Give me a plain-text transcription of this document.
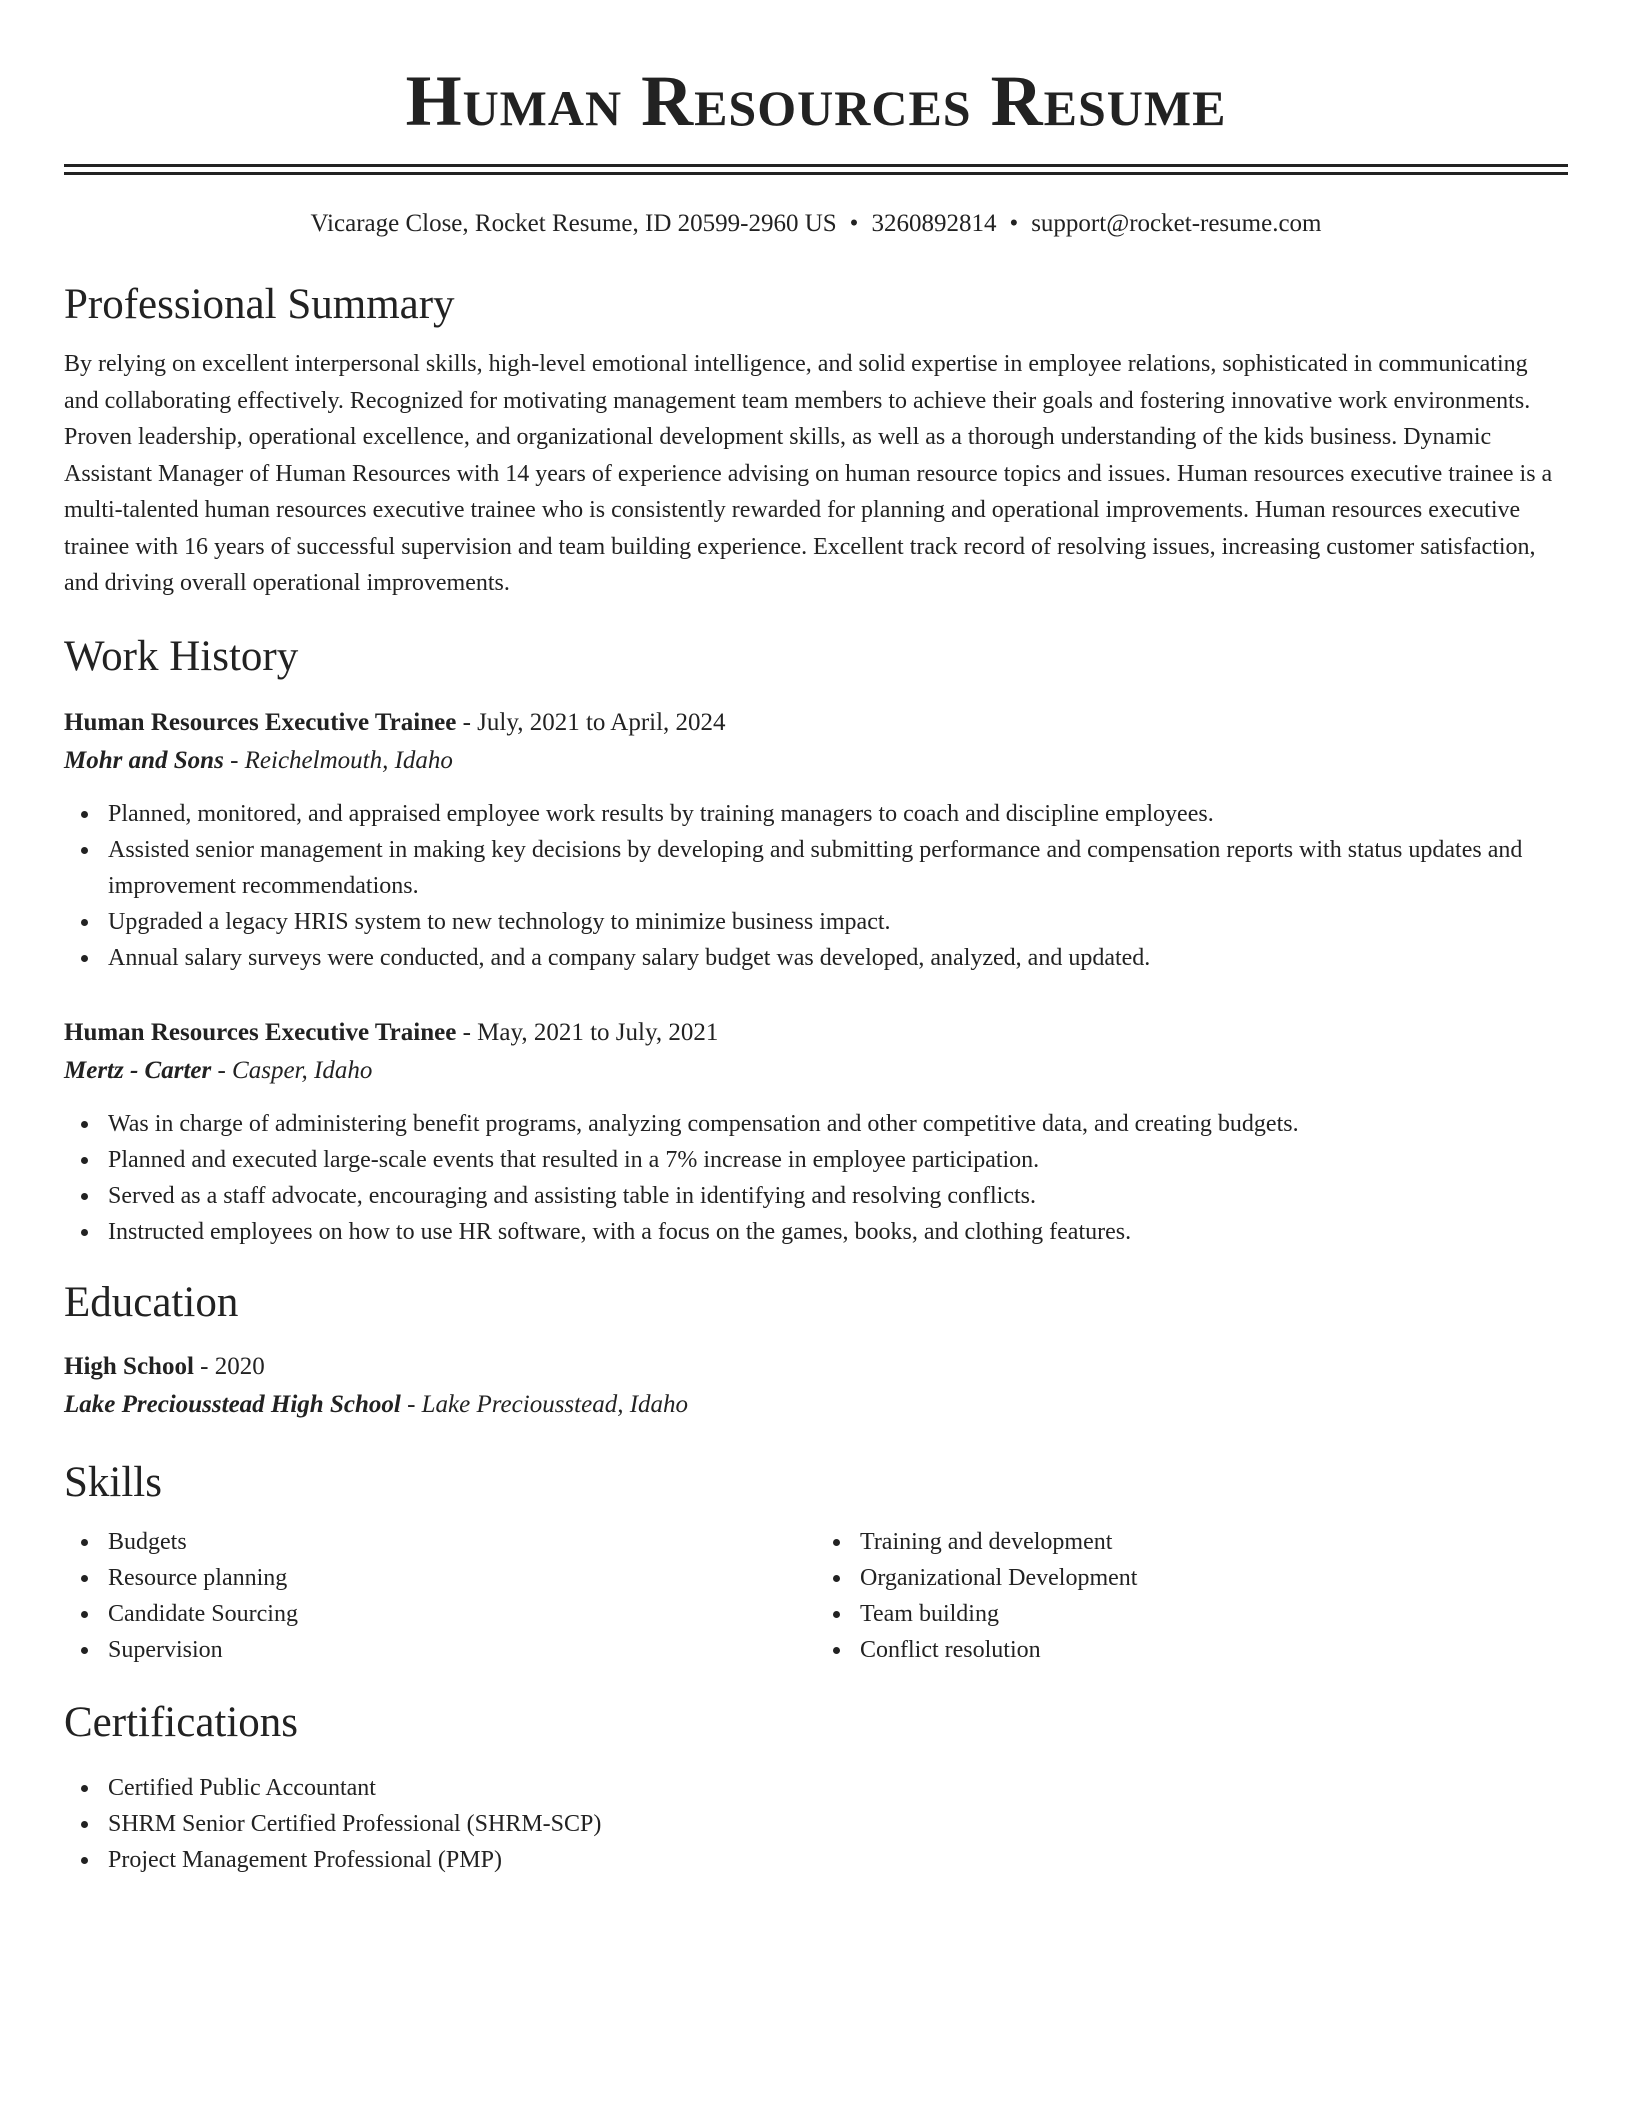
Human Resources Resume
Vicarage Close, Rocket Resume, ID 20599-2960 US • 3260892814 • support@rocket-resume.com
Professional Summary

By relying on excellent interpersonal skills, high-level emotional intelligence, and solid expertise in employee relations, sophisticated in communicating and collaborating effectively. Recognized for motivating management team members to achieve their goals and fostering innovative work environments. Proven leadership, operational excellence, and organizational development skills, as well as a thorough understanding of the kids business. Dynamic Assistant Manager of Human Resources with 14 years of experience advising on human resource topics and issues. Human resources executive trainee is a multi-talented human resources executive trainee who is consistently rewarded for planning and operational improvements. Human resources executive trainee with 16 years of successful supervision and team building experience. Excellent track record of resolving issues, increasing customer satisfaction, and driving overall operational improvements.

Work History
Human Resources Executive Trainee - July, 2021 to April, 2024
Mohr and Sons - Reichelmouth, Idaho
Planned, monitored, and appraised employee work results by training managers to coach and discipline employees.
Assisted senior management in making key decisions by developing and submitting performance and compensation reports with status updates and improvement recommendations.
Upgraded a legacy HRIS system to new technology to minimize business impact.
Annual salary surveys were conducted, and a company salary budget was developed, analyzed, and updated.
Human Resources Executive Trainee - May, 2021 to July, 2021
Mertz - Carter - Casper, Idaho
Was in charge of administering benefit programs, analyzing compensation and other competitive data, and creating budgets.
Planned and executed large-scale events that resulted in a 7% increase in employee participation.
Served as a staff advocate, encouraging and assisting table in identifying and resolving conflicts.
Instructed employees on how to use HR software, with a focus on the games, books, and clothing features.
Education
High School - 2020
Lake Preciousstead High School - Lake Preciousstead, Idaho
Skills
Budgets
Resource planning
Candidate Sourcing
Supervision
Training and development
Organizational Development
Team building
Conflict resolution
Certifications
Certified Public Accountant
SHRM Senior Certified Professional (SHRM-SCP)
Project Management Professional (PMP)
